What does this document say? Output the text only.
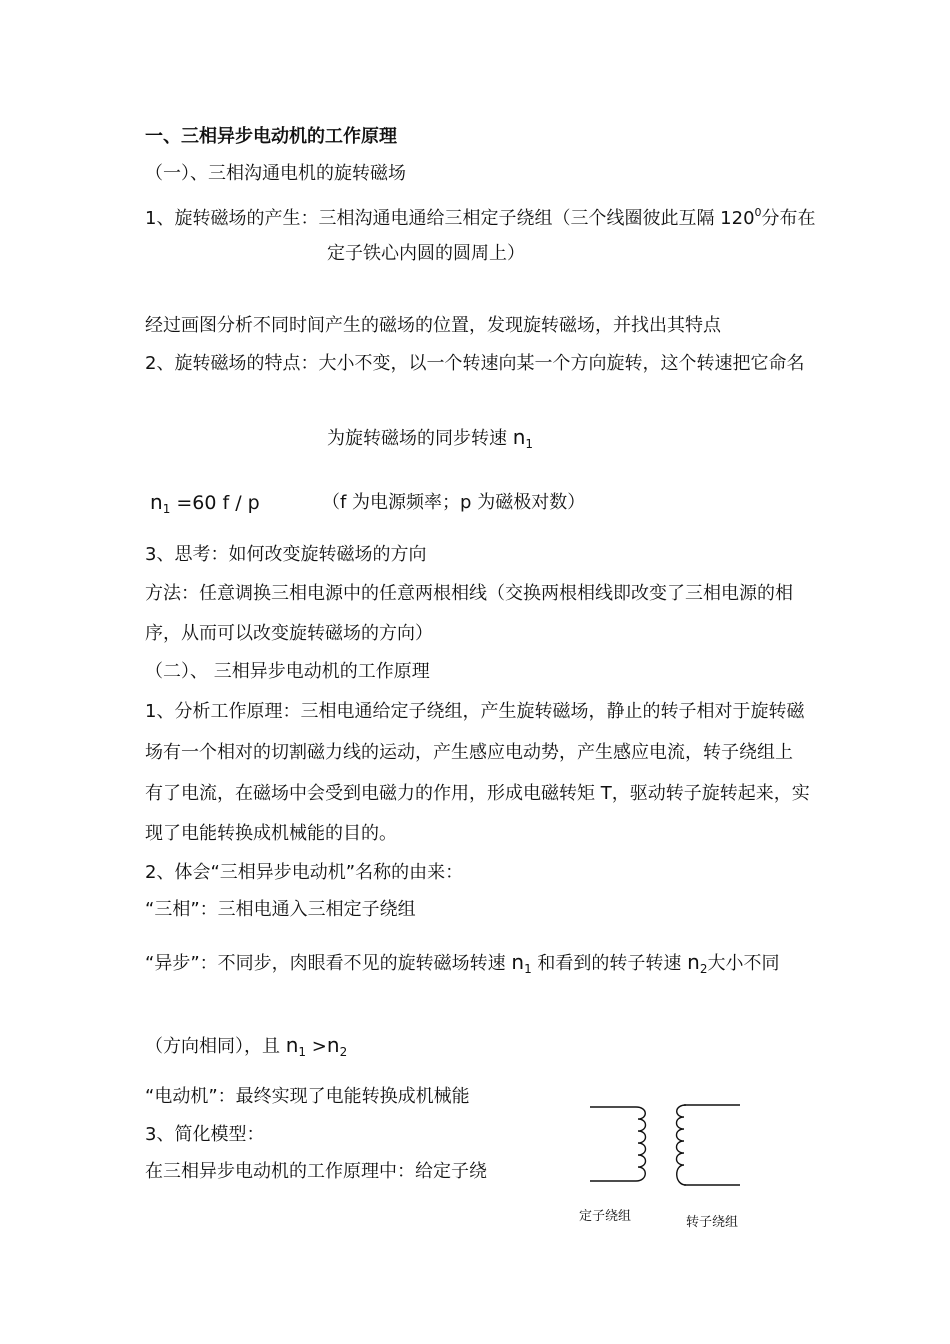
一、三相异步电动机的工作原理
（一）、三相沟通电机的旋转磁场
1、旋转磁场的产生：三相沟通电通给三相定子绕组（三个线圈彼此互隔 $120^0$分布在
定子铁心内圆的圆周上）
经过画图分析不同时间产生的磁场的位置，发现旋转磁场，并找出其特点
2、旋转磁场的特点：大小不变，以一个转速向某一个方向旋转，这个转速把它命名
为旋转磁场的同步转速 $n_1$
$n_1 =60$ f / p	（f 为电源频率；p 为磁极对数）
3、思考：如何改变旋转磁场的方向
方法：任意调换三相电源中的任意两根相线（交换两根相线即改变了三相电源的相
序，从而可以改变旋转磁场的方向）
（二）、 三相异步电动机的工作原理
1、分析工作原理：三相电通给定子绕组，产生旋转磁场，静止的转子相对于旋转磁
场有一个相对的切割磁力线的运动，产生感应电动势，产生感应电流，转子绕组上
有了电流，在磁场中会受到电磁力的作用，形成电磁转矩 T，驱动转子旋转起来，实
现了电能转换成机械能的目的。
2、体会“三相异步电动机”名称的由来：
“三相”：三相电通入三相定子绕组
“异步”：不同步，肉眼看不见的旋转磁场转速 $n_1$ 和看到的转子转速 $n_2$大小不同
（方向相同），且 $n_1 >n_2$
“电动机”：最终实现了电能转换成机械能
3、简化模型：
在三相异步电动机的工作原理中：给定子绕
定子绕组	转子绕组
